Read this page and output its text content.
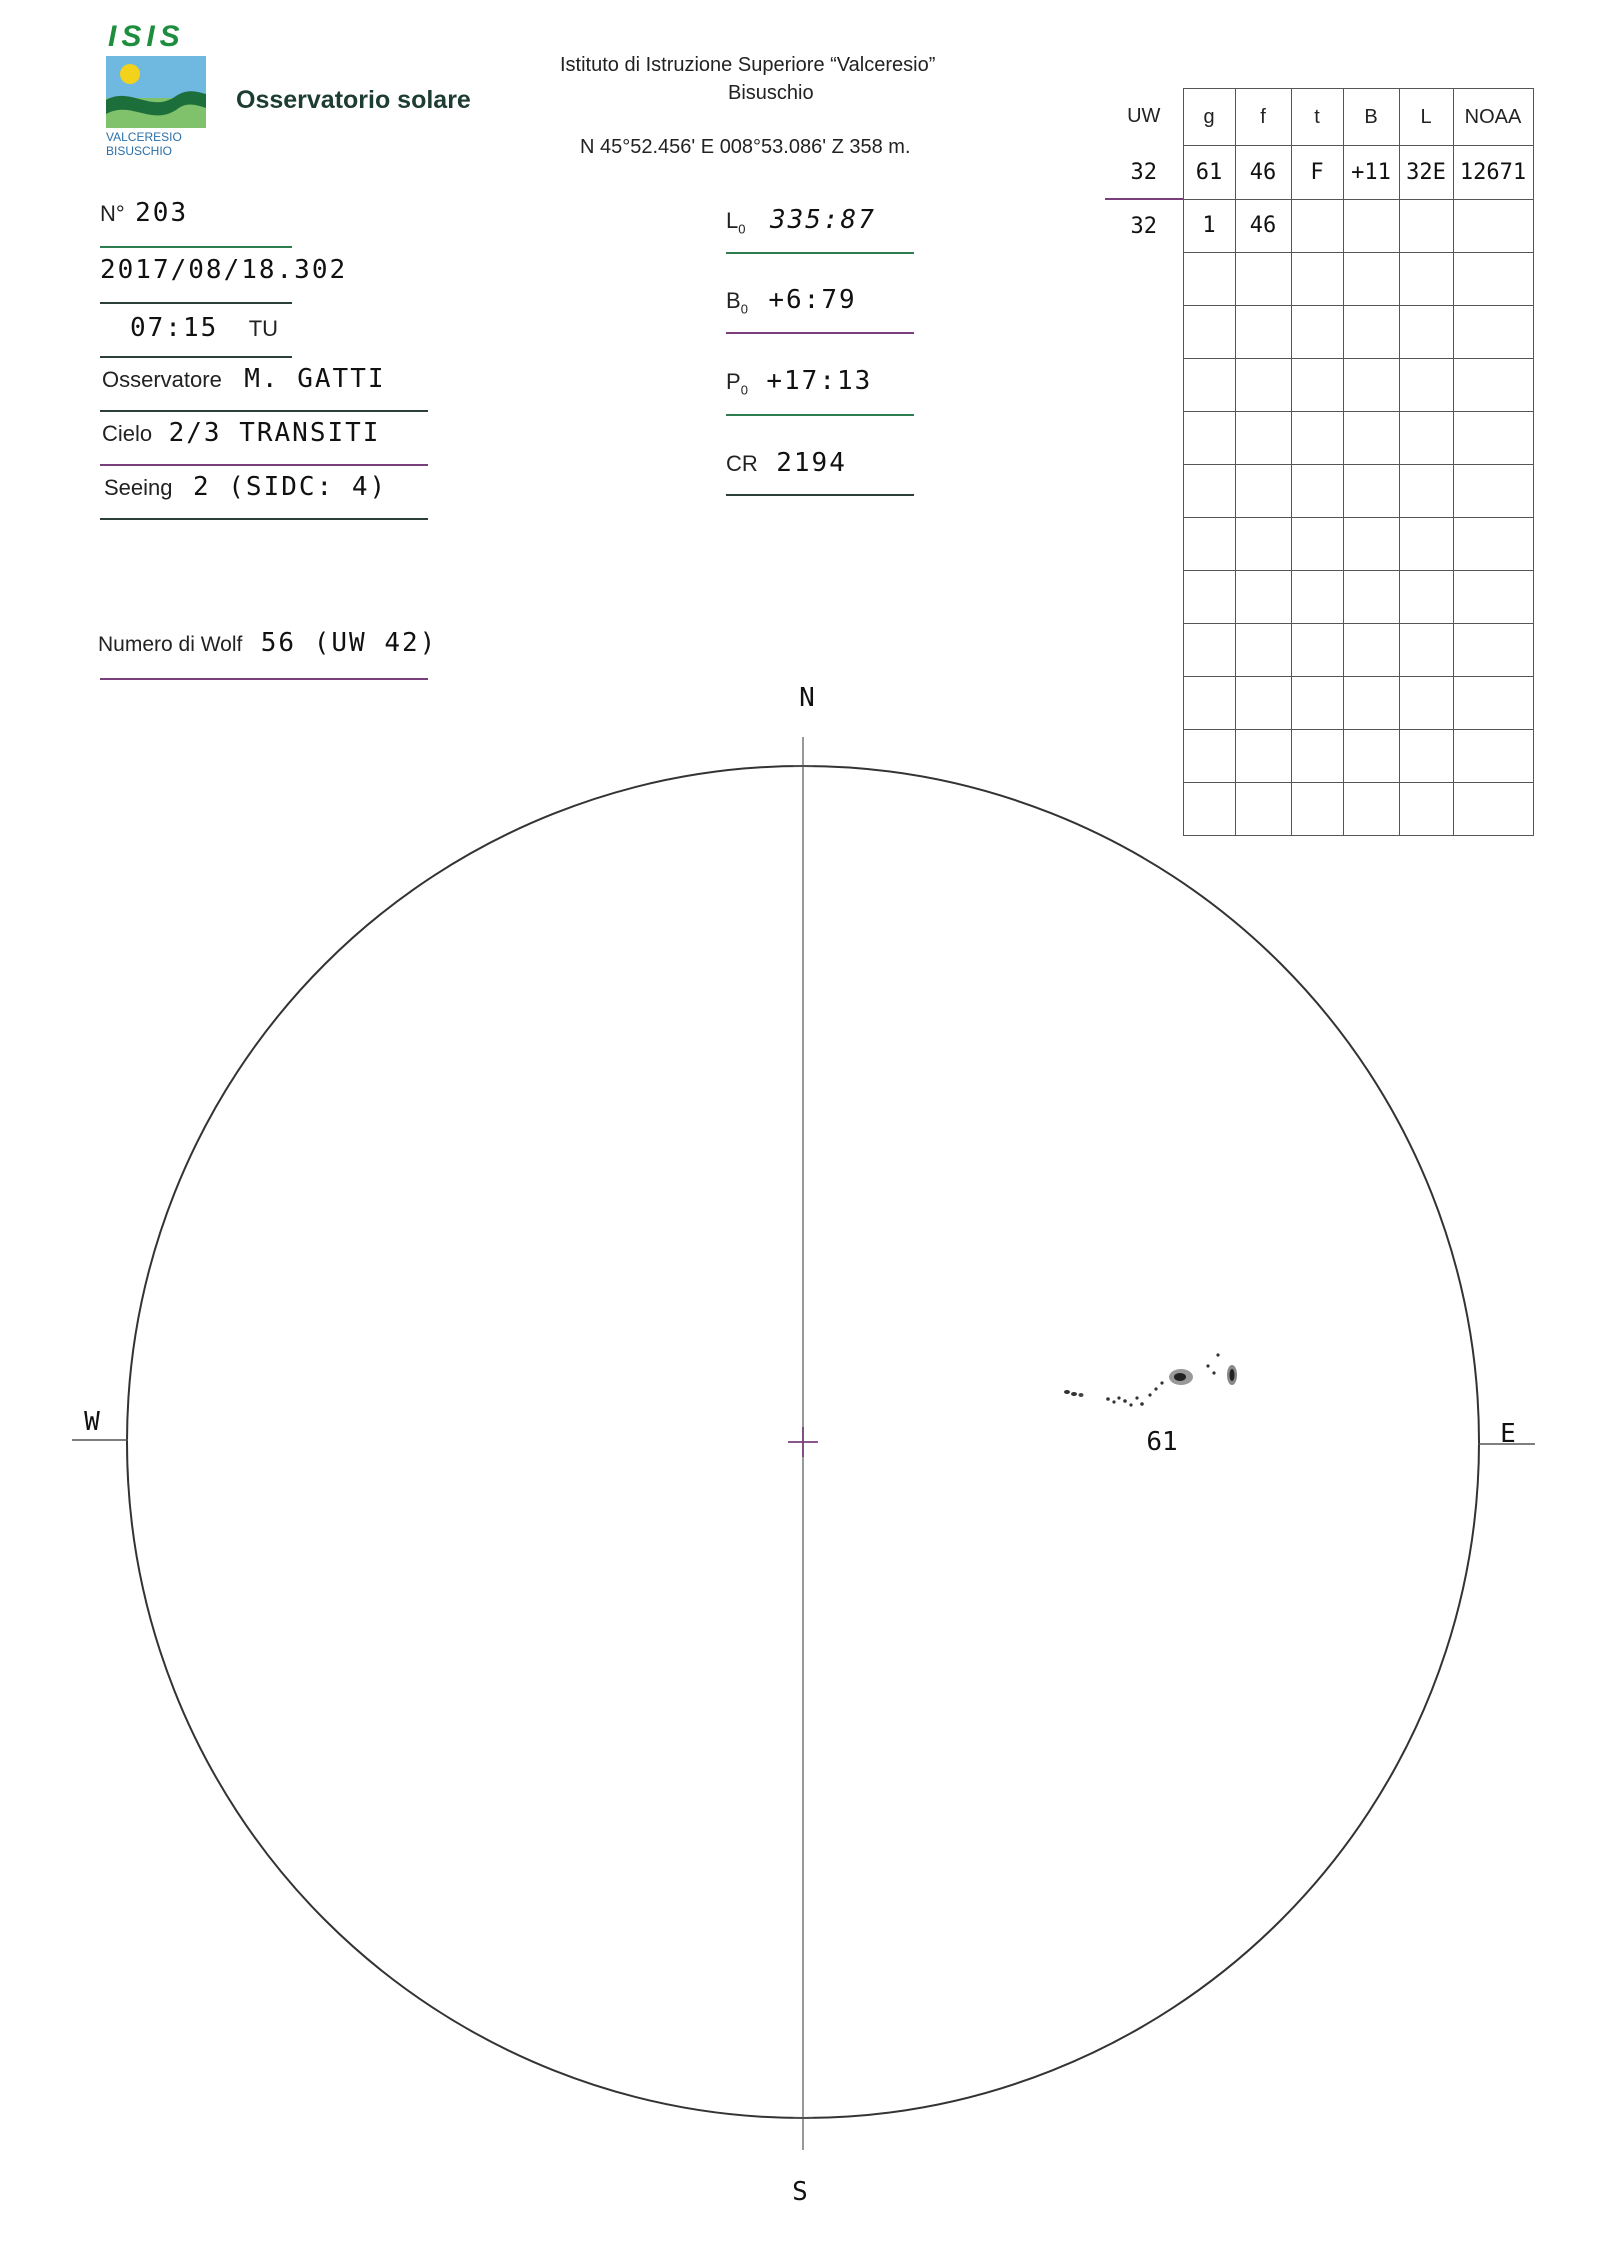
ISIS
VALCERESIO
BISUSCHIO
Osservatorio solare
Istituto di Istruzione Superiore “Valceresio”
Bisuschio
N 45°52.456' E 008°53.086' Z 358 m.
N° 203
2017/08/18.302
07:15 TU
Osservatore M. GATTI
Cielo 2/3 TRANSITI
Seeing 2 (SIDC: 4)
Numero di Wolf 56 (UW 42)
$L_0$ 335:87
$B_0$ +6:79
$P_0$ +17:13
CR 2194
UW	g	f	t	B	L	NOAA
32	61	46	F	+11	32E	12671
32	1	46				

N
S
E
W
61
